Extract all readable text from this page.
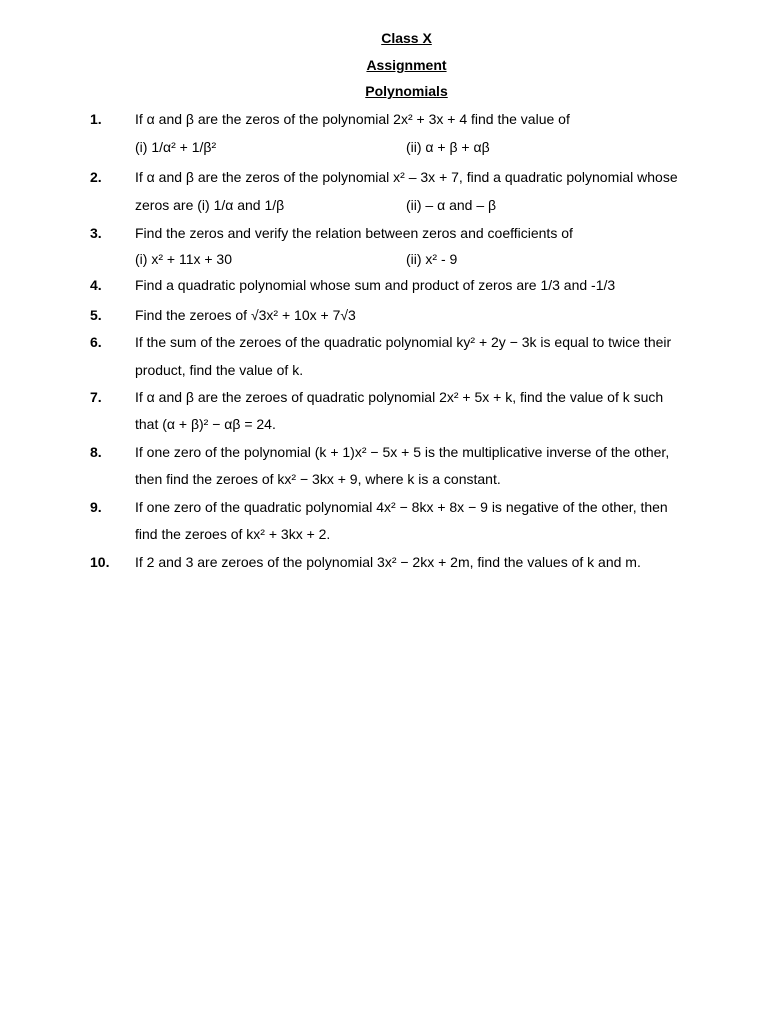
Class X
Assignment
Polynomials
1. If α and β are the zeros of the polynomial 2x² + 3x + 4 find the value of
(i) 1/α² + 1/β²	(ii) α + β + αβ
2. If α and β are the zeros of the polynomial x² – 3x + 7, find a quadratic polynomial whose
zeros are (i) 1/α and 1/β	(ii) – α and – β
3. Find the zeros and verify the relation between zeros and coefficients of
(i) x² + 11x + 30	(ii) x² - 9
4. Find a quadratic polynomial whose sum and product of zeros are 1/3 and -1/3
5. Find the zeroes of √3x² + 10x + 7√3
6. If the sum of the zeroes of the quadratic polynomial ky² + 2y − 3k is equal to twice their
product, find the value of k.
7. If α and β are the zeroes of quadratic polynomial 2x² + 5x + k, find the value of k such
that (α + β)² − αβ = 24.
8. If one zero of the polynomial (k + 1)x² − 5x + 5 is the multiplicative inverse of the other,
then find the zeroes of kx² − 3kx + 9, where k is a constant.
9. If one zero of the quadratic polynomial 4x² − 8kx + 8x − 9 is negative of the other, then
find the zeroes of kx² + 3kx + 2.
10. If 2 and 3 are zeroes of the polynomial 3x² − 2kx + 2m, find the values of k and m.
